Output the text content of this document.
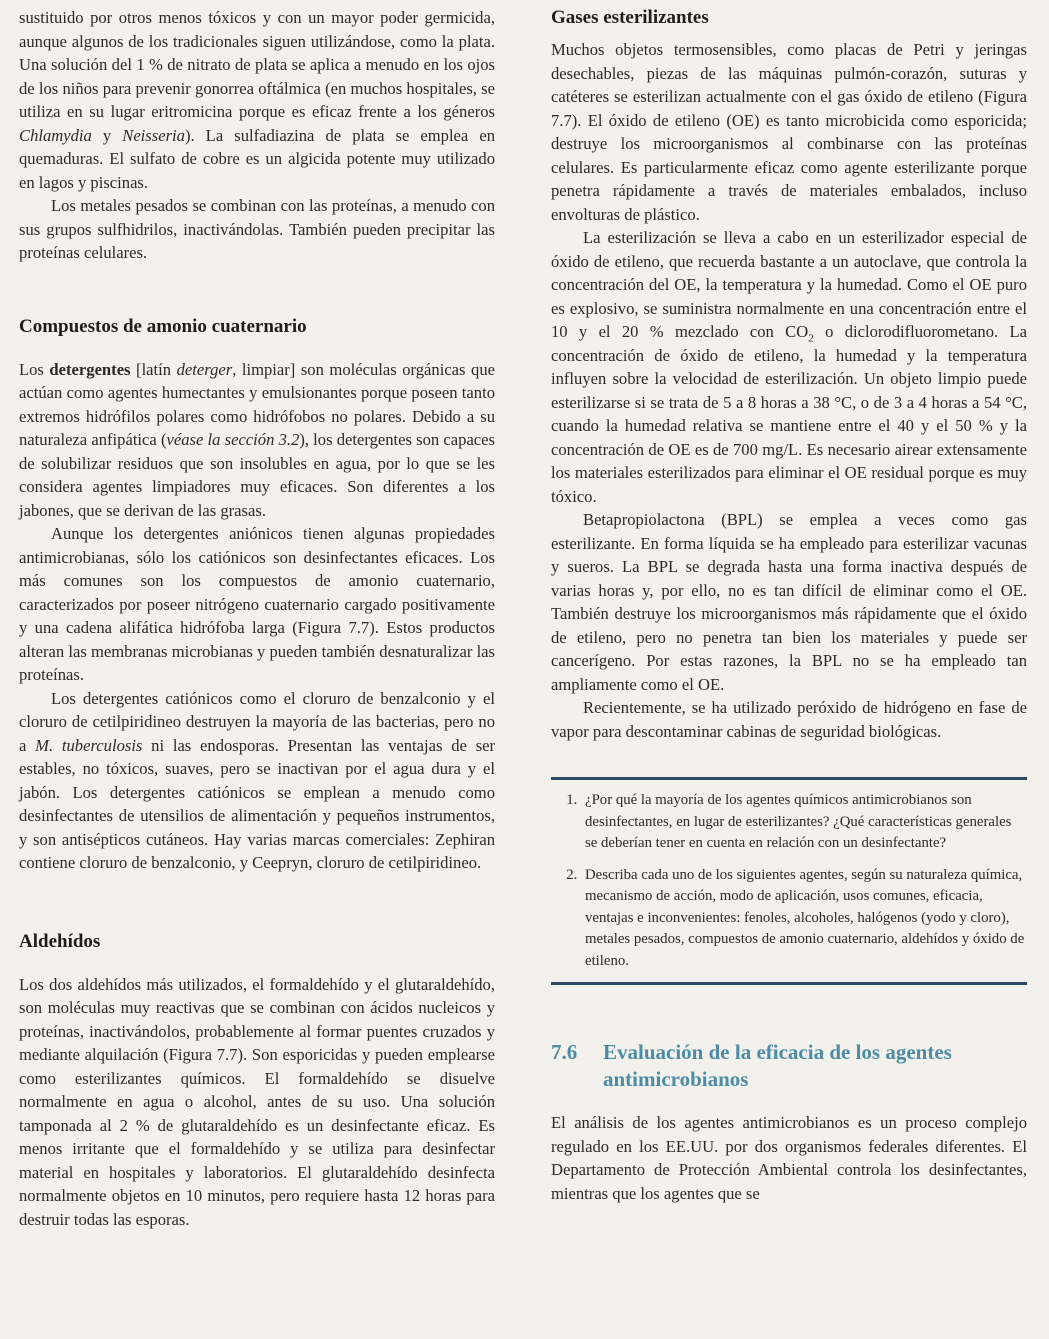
sustituido por otros menos tóxicos y con un mayor poder germicida, aunque algunos de los tradicionales siguen utilizándose, como la plata. Una solución del 1 % de nitrato de plata se aplica a menudo en los ojos de los niños para prevenir gonorrea oftálmica (en muchos hospitales, se utiliza en su lugar eritromicina porque es eficaz frente a los géneros Chlamydia y Neisseria). La sulfadiazina de plata se emplea en quemaduras. El sulfato de cobre es un algicida potente muy utilizado en lagos y piscinas.

Los metales pesados se combinan con las proteínas, a menudo con sus grupos sulfhidrilos, inactivándolas. También pueden precipitar las proteínas celulares.

Compuestos de amonio cuaternario

Los detergentes [latín deterger, limpiar] son moléculas orgánicas que actúan como agentes humectantes y emulsionantes porque poseen tanto extremos hidrófilos polares como hidrófobos no polares. Debido a su naturaleza anfipática (véase la sección 3.2), los detergentes son capaces de solubilizar residuos que son insolubles en agua, por lo que se les considera agentes limpiadores muy eficaces. Son diferentes a los jabones, que se derivan de las grasas.

Aunque los detergentes aniónicos tienen algunas propiedades antimicrobianas, sólo los catiónicos son desinfectantes eficaces. Los más comunes son los compuestos de amonio cuaternario, caracterizados por poseer nitrógeno cuaternario cargado positivamente y una cadena alifática hidrófoba larga (Figura 7.7). Estos productos alteran las membranas microbianas y pueden también desnaturalizar las proteínas.

Los detergentes catiónicos como el cloruro de benzalconio y el cloruro de cetilpiridineo destruyen la mayoría de las bacterias, pero no a M. tuberculosis ni las endosporas. Presentan las ventajas de ser estables, no tóxicos, suaves, pero se inactivan por el agua dura y el jabón. Los detergentes catiónicos se emplean a menudo como desinfectantes de utensilios de alimentación y pequeños instrumentos, y son antisépticos cutáneos. Hay varias marcas comerciales: Zephiran contiene cloruro de benzalconio, y Ceepryn, cloruro de cetilpiridineo.

Aldehídos

Los dos aldehídos más utilizados, el formaldehído y el glutaraldehído, son moléculas muy reactivas que se combinan con ácidos nucleicos y proteínas, inactivándolos, probablemente al formar puentes cruzados y mediante alquilación (Figura 7.7). Son esporicidas y pueden emplearse como esterilizantes químicos. El formaldehído se disuelve normalmente en agua o alcohol, antes de su uso. Una solución tamponada al 2 % de glutaraldehído es un desinfectante eficaz. Es menos irritante que el formaldehído y se utiliza para desinfectar material en hospitales y laboratorios. El glutaraldehído desinfecta normalmente objetos en 10 minutos, pero requiere hasta 12 horas para destruir todas las esporas.

Gases esterilizantes

Muchos objetos termosensibles, como placas de Petri y jeringas desechables, piezas de las máquinas pulmón-corazón, suturas y catéteres se esterilizan actualmente con el gas óxido de etileno (Figura 7.7). El óxido de etileno (OE) es tanto microbicida como esporicida; destruye los microorganismos al combinarse con las proteínas celulares. Es particularmente eficaz como agente esterilizante porque penetra rápidamente a través de materiales embalados, incluso envolturas de plástico.

La esterilización se lleva a cabo en un esterilizador especial de óxido de etileno, que recuerda bastante a un autoclave, que controla la concentración del OE, la temperatura y la humedad. Como el OE puro es explosivo, se suministra normalmente en una concentración entre el 10 y el 20 % mezclado con $CO_2$ o diclorodifluorometano. La concentración de óxido de etileno, la humedad y la temperatura influyen sobre la velocidad de esterilización. Un objeto limpio puede esterilizarse si se trata de 5 a 8 horas a 38 °C, o de 3 a 4 horas a 54 °C, cuando la humedad relativa se mantiene entre el 40 y el 50 % y la concentración de OE es de 700 mg/L. Es necesario airear extensamente los materiales esterilizados para eliminar el OE residual porque es muy tóxico.

Betapropiolactona (BPL) se emplea a veces como gas esterilizante. En forma líquida se ha empleado para esterilizar vacunas y sueros. La BPL se degrada hasta una forma inactiva después de varias horas y, por ello, no es tan difícil de eliminar como el OE. También destruye los microorganismos más rápidamente que el óxido de etileno, pero no penetra tan bien los materiales y puede ser cancerígeno. Por estas razones, la BPL no se ha empleado tan ampliamente como el OE.

Recientemente, se ha utilizado peróxido de hidrógeno en fase de vapor para descontaminar cabinas de seguridad biológicas.

1. ¿Por qué la mayoría de los agentes químicos antimicrobianos son desinfectantes, en lugar de esterilizantes? ¿Qué características generales se deberían tener en cuenta en relación con un desinfectante?
2. Describa cada uno de los siguientes agentes, según su naturaleza química, mecanismo de acción, modo de aplicación, usos comunes, eficacia, ventajas e inconvenientes: fenoles, alcoholes, halógenos (yodo y cloro), metales pesados, compuestos de amonio cuaternario, aldehídos y óxido de etileno.
7.6	Evaluación de la eficacia de los agentes antimicrobianos

El análisis de los agentes antimicrobianos es un proceso complejo regulado en los EE.UU. por dos organismos federales diferentes. El Departamento de Protección Ambiental controla los desinfectantes, mientras que los agentes que se
